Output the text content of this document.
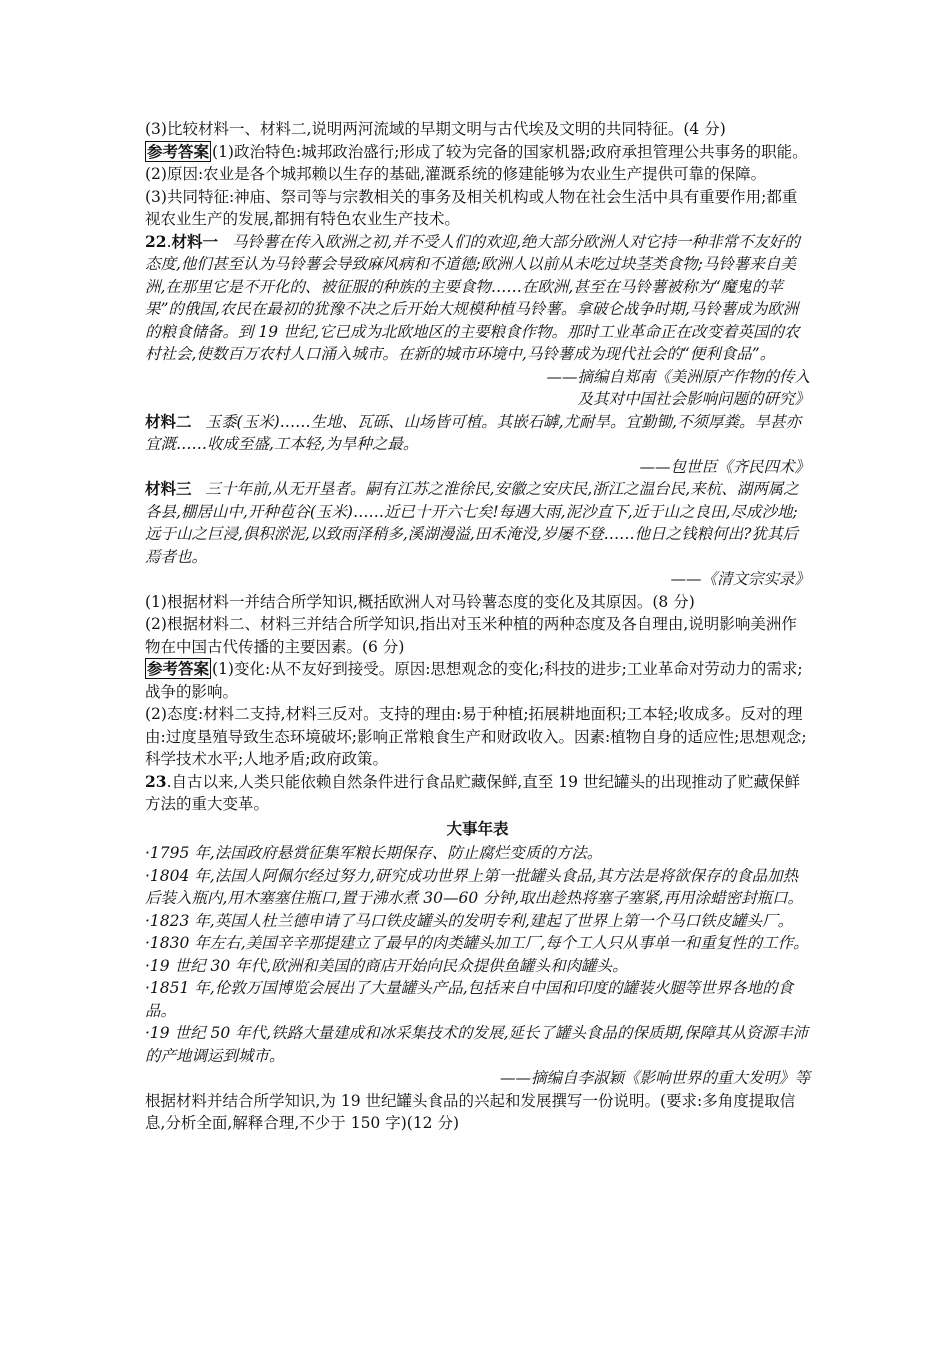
(3)比较材料一、材料二,说明两河流域的早期文明与古代埃及文明的共同特征。(4 分)

参考答案 (1)政治特色:城邦政治盛行;形成了较为完备的国家机器;政府承担管理公共事务的职能。

(2)原因:农业是各个城邦赖以生存的基础,灌溉系统的修建能够为农业生产提供可靠的保障。

(3)共同特征:神庙、祭司等与宗教相关的事务及相关机构或人物在社会生活中具有重要作用;都重视农业生产的发展,都拥有特色农业生产技术。

22.材料一 马铃薯在传入欧洲之初,并不受人们的欢迎,绝大部分欧洲人对它持一种非常不友好的态度,他们甚至认为马铃薯会导致麻风病和不道德;欧洲人以前从未吃过块茎类食物;马铃薯来自美洲,在那里它是不开化的、被征服的种族的主要食物……在欧洲,甚至在马铃薯被称为“魔鬼的苹果”的俄国,农民在最初的犹豫不决之后开始大规模种植马铃薯。拿破仑战争时期,马铃薯成为欧洲的粮食储备。到 19 世纪,它已成为北欧地区的主要粮食作物。那时工业革命正在改变着英国的农村社会,使数百万农村人口涌入城市。在新的城市环境中,马铃薯成为现代社会的“便利食品”。

——摘编自郑南《美洲原产作物的传入

及其对中国社会影响问题的研究》

材料二 玉黍(玉米)……生地、瓦砾、山场皆可植。其嵌石罅,尤耐旱。宜勤锄,不须厚粪。旱甚亦宜溉……收成至盛,工本轻,为旱种之最。

——包世臣《齐民四术》

材料三 三十年前,从无开垦者。嗣有江苏之淮徐民,安徽之安庆民,浙江之温台民,来杭、湖两属之各县,棚居山中,开种苞谷(玉米)……近已十开六七矣!每遇大雨,泥沙直下,近于山之良田,尽成沙地;远于山之巨浸,俱积淤泥,以致雨泽稍多,溪湖漫溢,田禾淹没,岁屡不登……他日之钱粮何出?犹其后焉者也。

——《清文宗实录》

(1)根据材料一并结合所学知识,概括欧洲人对马铃薯态度的变化及其原因。(8 分)

(2)根据材料二、材料三并结合所学知识,指出对玉米种植的两种态度及各自理由,说明影响美洲作物在中国古代传播的主要因素。(6 分)

参考答案 (1)变化:从不友好到接受。原因:思想观念的变化;科技的进步;工业革命对劳动力的需求;战争的影响。

(2)态度:材料二支持,材料三反对。支持的理由:易于种植;拓展耕地面积;工本轻;收成多。反对的理由:过度垦殖导致生态环境破坏;影响正常粮食生产和财政收入。因素:植物自身的适应性;思想观念;科学技术水平;人地矛盾;政府政策。

23.自古以来,人类只能依赖自然条件进行食品贮藏保鲜,直至 19 世纪罐头的出现推动了贮藏保鲜方法的重大变革。

大事年表

·1795 年,法国政府悬赏征集军粮长期保存、防止腐烂变质的方法。

·1804 年,法国人阿佩尔经过努力,研究成功世界上第一批罐头食品,其方法是将欲保存的食品加热后装入瓶内,用木塞塞住瓶口,置于沸水煮 30—60 分钟,取出趁热将塞子塞紧,再用涂蜡密封瓶口。

·1823 年,英国人杜兰德申请了马口铁皮罐头的发明专利,建起了世界上第一个马口铁皮罐头厂。

·1830 年左右,美国辛辛那提建立了最早的肉类罐头加工厂,每个工人只从事单一和重复性的工作。

·19 世纪 30 年代,欧洲和美国的商店开始向民众提供鱼罐头和肉罐头。

·1851 年,伦敦万国博览会展出了大量罐头产品,包括来自中国和印度的罐装火腿等世界各地的食品。

·19 世纪 50 年代,铁路大量建成和冰采集技术的发展,延长了罐头食品的保质期,保障其从资源丰沛的产地调运到城市。

——摘编自李淑颖《影响世界的重大发明》等

根据材料并结合所学知识,为 19 世纪罐头食品的兴起和发展撰写一份说明。(要求:多角度提取信息,分析全面,解释合理,不少于 150 字)(12 分)
